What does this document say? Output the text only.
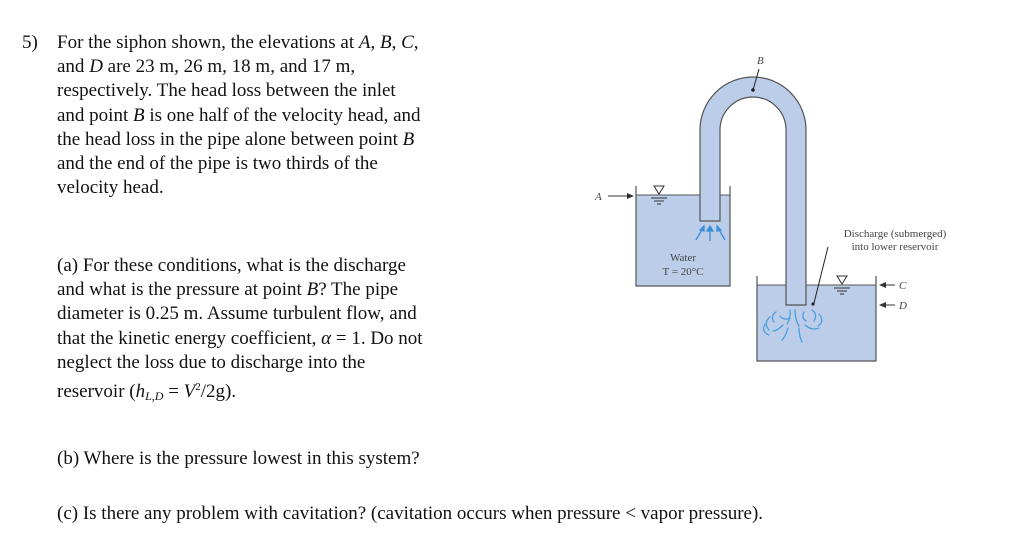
5) For the siphon shown, the elevations at A, B, C,
and D are 23 m, 26 m, 18 m, and 17 m,
respectively. The head loss between the inlet
and point B is one half of the velocity head, and
the head loss in the pipe alone between point B
and the end of the pipe is two thirds of the
velocity head.
(a) For these conditions, what is the discharge
and what is the pressure at point B? The pipe
diameter is 0.25 m. Assume turbulent flow, and
that the kinetic energy coefficient, α = 1. Do not
neglect the loss due to discharge into the
reservoir $(h_{L,D} = V^2/2g)$.
(b) Where is the pressure lowest in this system?
(c) Is there any problem with cavitation? (cavitation occurs when pressure < vapor pressure).
B
A
Water
T = 20°C
Discharge (submerged)
into lower reservoir
C
D
